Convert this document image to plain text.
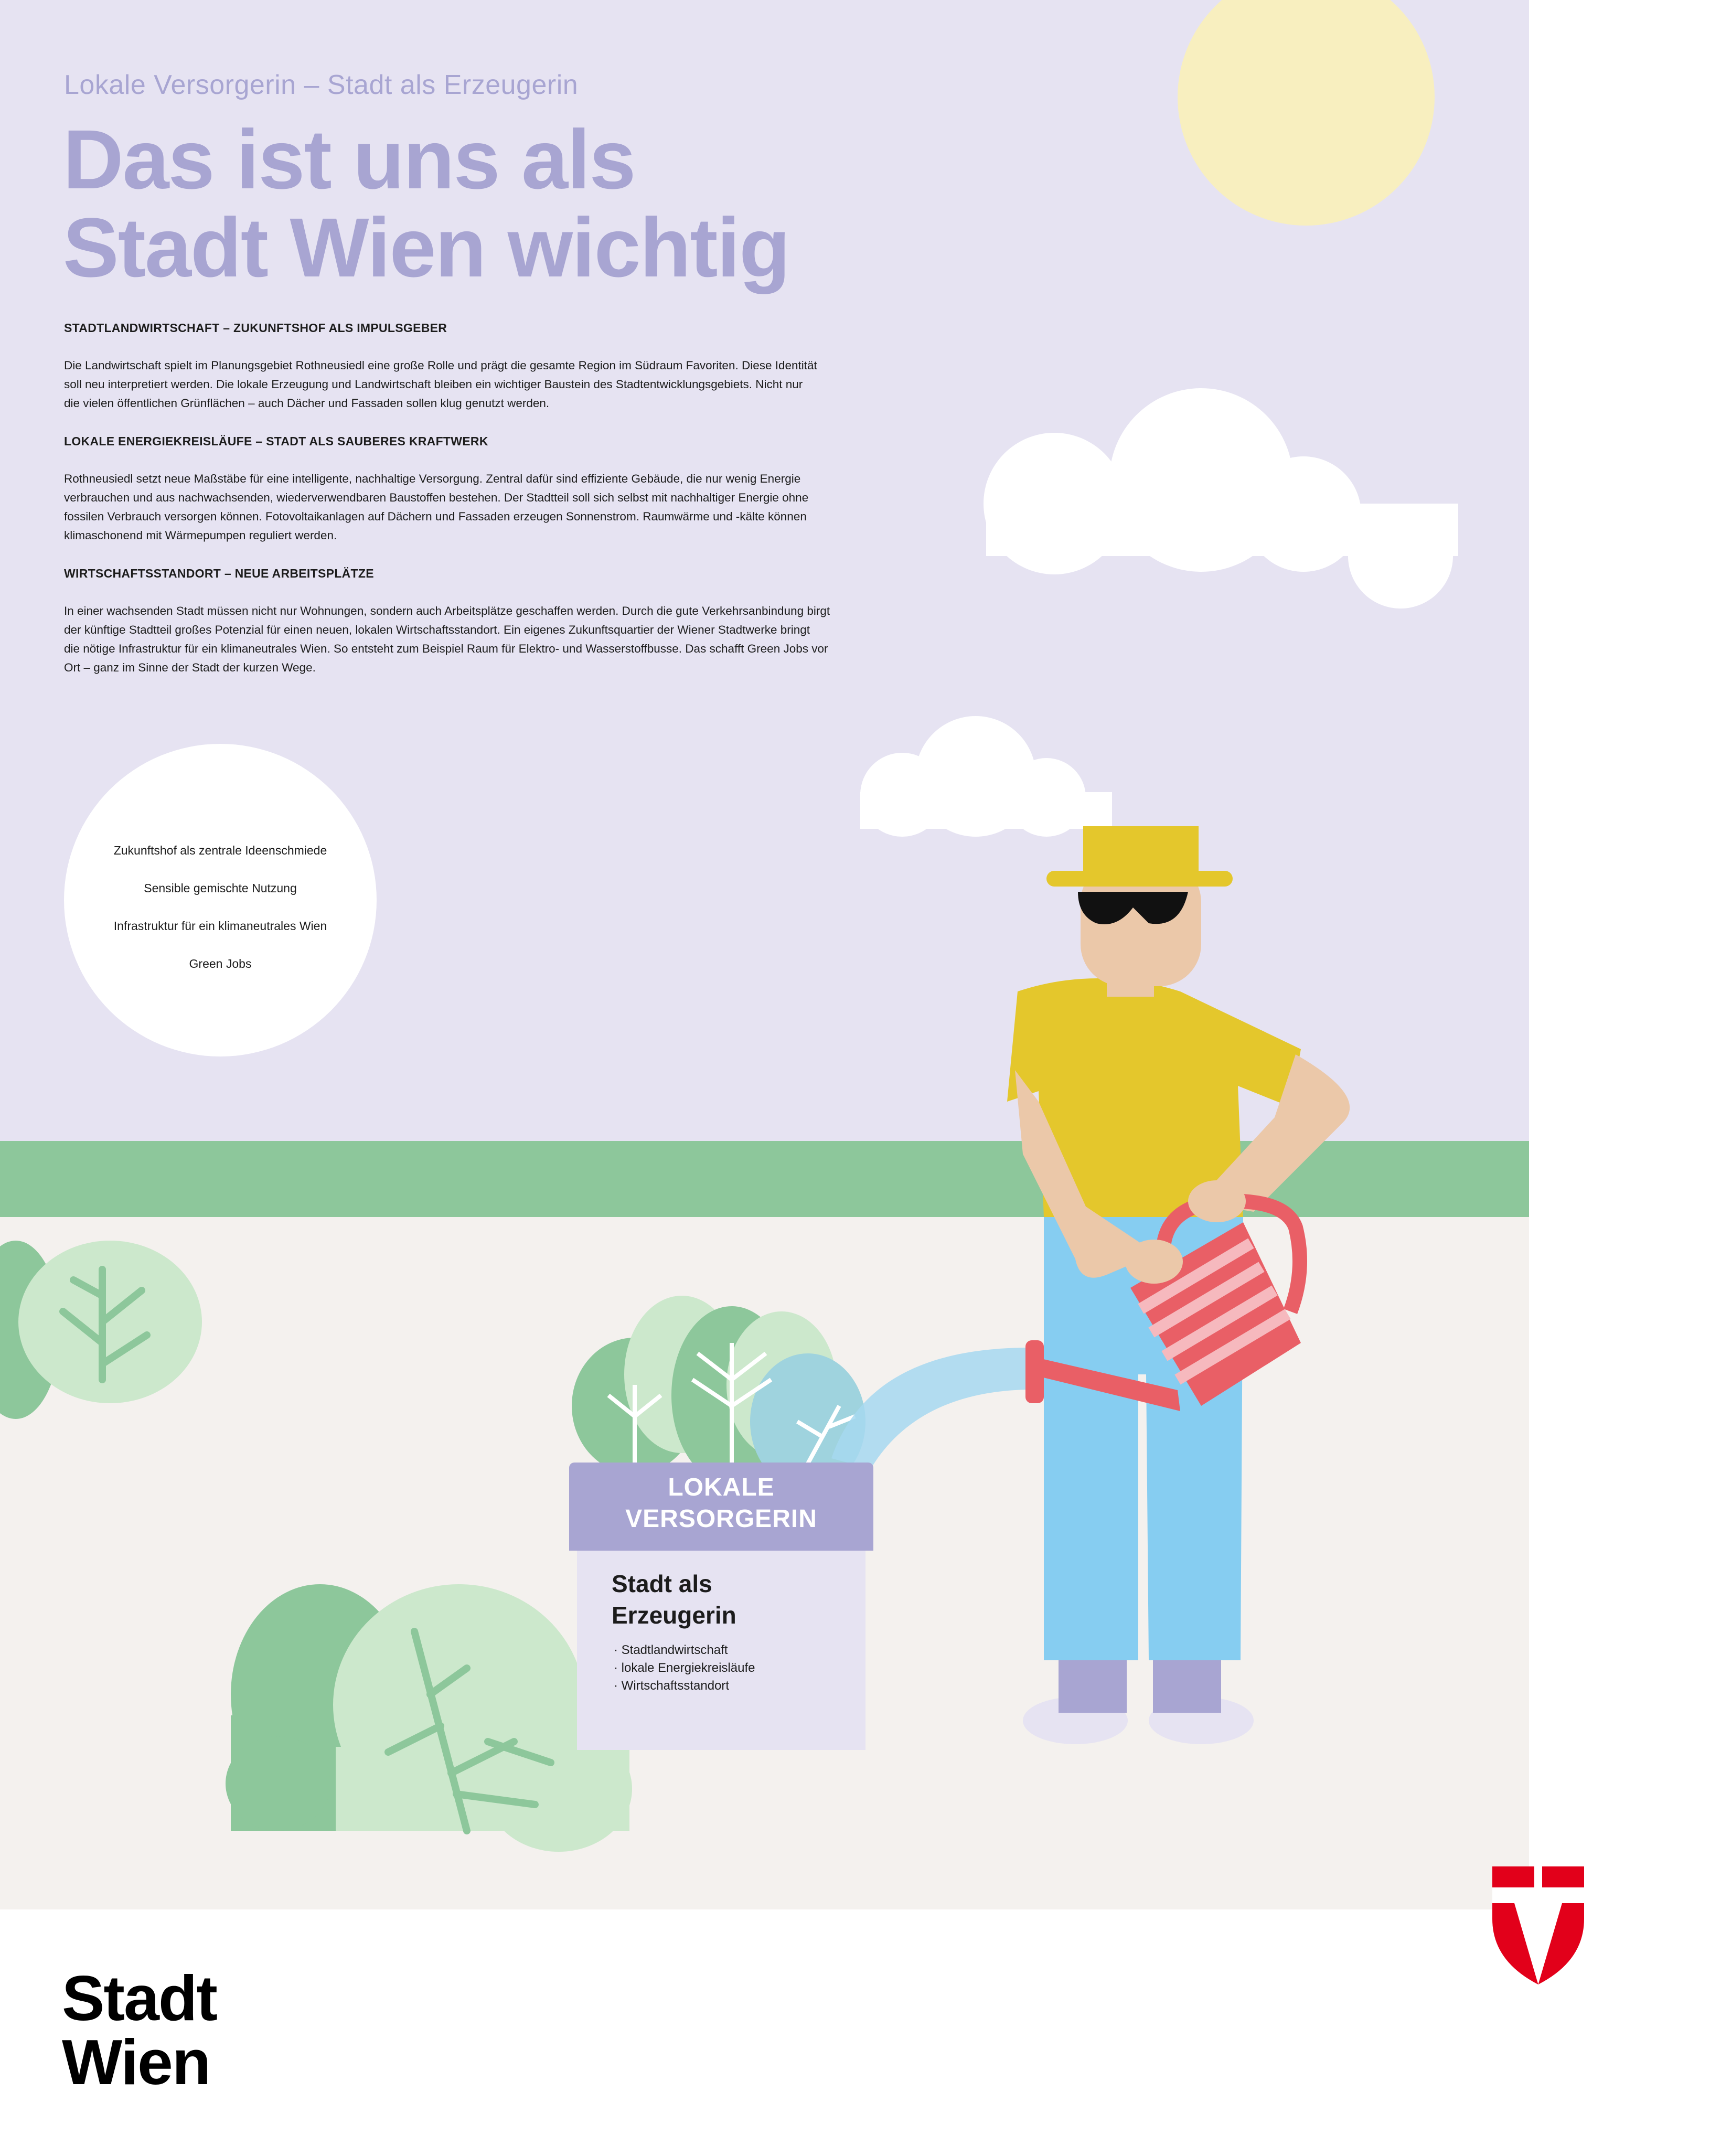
Lokale Versorgerin – Stadt als Erzeugerin
Das ist uns als
Stadt Wien wichtig

STADTLANDWIRTSCHAFT – ZUKUNFTSHOF ALS IMPULSGEBER

Die Landwirtschaft spielt im Planungsgebiet Rothneusiedl eine große Rolle und prägt die gesamte Region im Südraum Favoriten. Diese Identität

soll neu interpretiert werden. Die lokale Erzeugung und Landwirtschaft bleiben ein wichtiger Baustein des Stadtentwicklungsgebiets. Nicht nur

die vielen öffentlichen Grünflächen – auch Dächer und Fassaden sollen klug genutzt werden.

LOKALE ENERGIEKREISLÄUFE – STADT ALS SAUBERES KRAFTWERK

Rothneusiedl setzt neue Maßstäbe für eine intelligente, nachhaltige Versorgung. Zentral dafür sind effiziente Gebäude, die nur wenig Energie

verbrauchen und aus nachwachsenden, wiederverwendbaren Baustoffen bestehen. Der Stadtteil soll sich selbst mit nachhaltiger Energie ohne

fossilen Verbrauch versorgen können. Fotovoltaikanlagen auf Dächern und Fassaden erzeugen Sonnenstrom. Raumwärme und -kälte können

klimaschonend mit Wärmepumpen reguliert werden.

WIRTSCHAFTSSTANDORT – NEUE ARBEITSPLÄTZE

In einer wachsenden Stadt müssen nicht nur Wohnungen, sondern auch Arbeitsplätze geschaffen werden. Durch die gute Verkehrsanbindung birgt

der künftige Stadtteil großes Potenzial für einen neuen, lokalen Wirtschaftsstandort. Ein eigenes Zukunftsquartier der Wiener Stadtwerke bringt

die nötige Infrastruktur für ein klimaneutrales Wien. So entsteht zum Beispiel Raum für Elektro- und Wasserstoffbusse. Das schafft Green Jobs vor

Ort – ganz im Sinne der Stadt der kurzen Wege.

Zukunftshof als zentrale Ideenschmiede
Sensible gemischte Nutzung
Infrastruktur für ein klimaneutrales Wien
Green Jobs
LOKALE
VERSORGERIN
Stadt als
Erzeugerin
· Stadtlandwirtschaft
· lokale Energiekreisläufe
· Wirtschaftsstandort
Stadt
Wien
